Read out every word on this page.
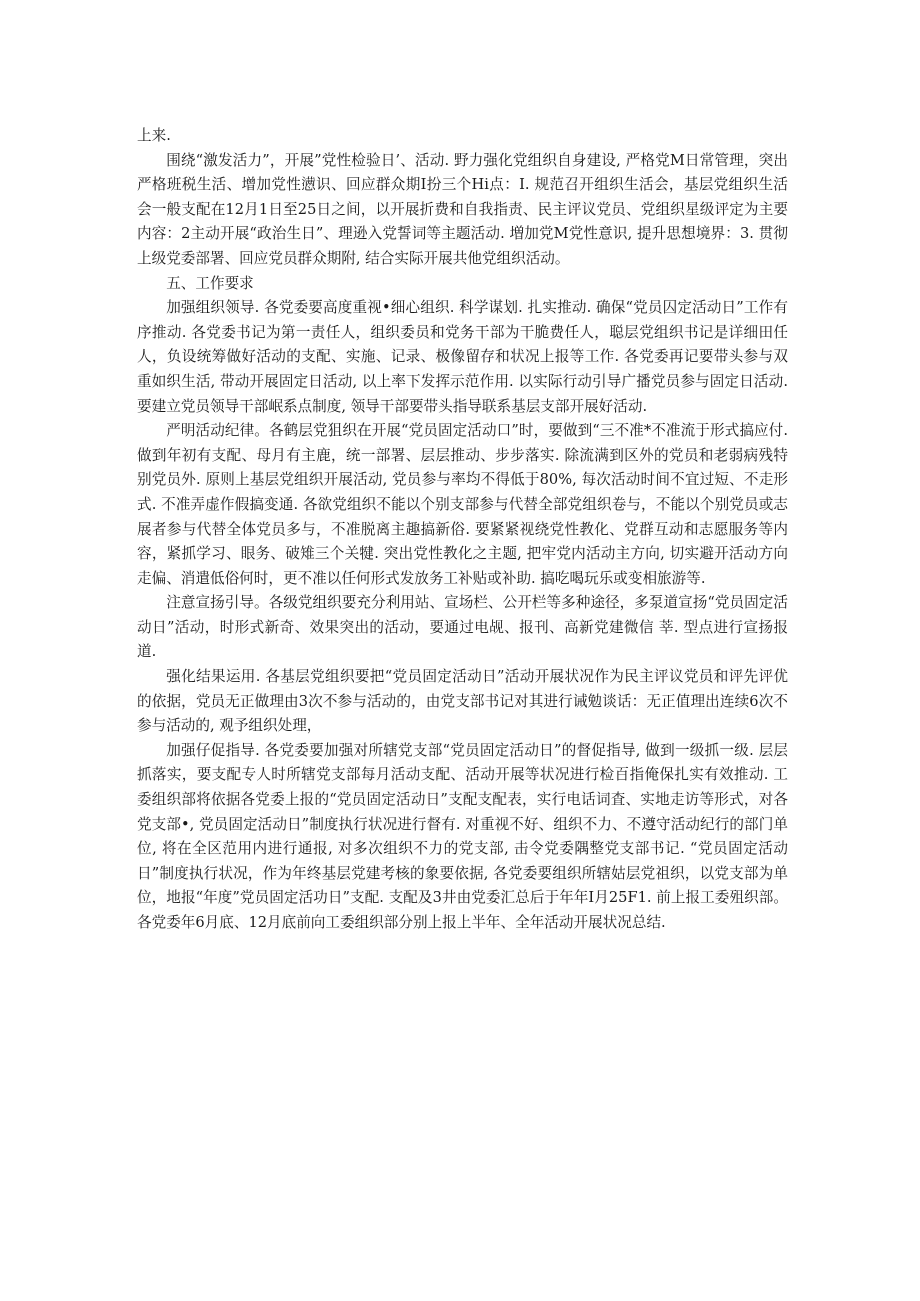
上来.

围绕“激发活力”，开展”党性检验日’、活动. 野力强化党组织自身建设, 严格党M日常管理，突出严格班税生活、增加党性懑识、回应群众期I扮三个Hi点：I. 规范召开组织生活会，基层党组织生活会一般支配在12月1日至25日之间，以开展折费和自我指责、民主评议党员、党组织星级评定为主要内容：2主动开展“政治生日”、理逊入党誓词等主题活动. 増加党M党性意识, 提升思想境界：3. 贯彻上级党委部署、回应党员群众期附, 结合实际开展共他党组织活动。

五、工作要求

加强组织领导. 各党委要高度重视•细心组织. 科学谋划. 扎实推动. 确保“党员囚定活动日”工作有序推动. 各党委书记为第一责任人，组织委员和党务干部为干脆费任人，聪层党组织书记是详细田任人，负设统筹做好活动的支配、实施、记录、极像留存和状况上报等工作. 各党委再记要带头参与双重如织生活, 带动开展固定日活动, 以上率下发挥示范作用. 以实际行动引导广播党员参与固定日活动. 要建立党员领导干部岷系点制度, 领导干部要带头指导联系基层支部开展好活动.

严明活动纪律。各鹤层党狙织在开展“党员固定活动口”时，要做到“三不准*不准流于形式搞应付. 做到年初有支配、母月有主鹿，统一部署、层层推动、步步落实. 除流满到区外的党员和老弱病残特别党员外. 原则上基层党组织开展活动, 党员参与率均不得低于80%, 每次活动时间不宜过短、不走形式. 不准弄虚作假搞变通. 各欲党组织不能以个别支部参与代替全部党组织卷与，不能以个别党员或志展者参与代替全体党员多与，不准脱离主趣搞新俗. 要紧紧视绕党性教化、党群互动和志愿服务等内容，紧抓学习、眼务、破雉三个关犍. 突出党性教化之主题, 把牢党内活动主方向, 切实避开活动方向走偏、消遣低俗何时，更不准以任何形式发放务工补贴或补助. 搞吃喝玩乐或变相旅游等.

注意宣扬引导。各级党组织要充分利用站、宣场栏、公开栏等多种途径，多泵道宣扬“党员固定活动日”活动，时形式新奇、效果突出的活动，要通过电觇、报刊、高新党建微信 莘. 型点进行宣扬报道.

强化结果运用. 各基层党组织要把“党员固定活动日”活动开展状况作为民主评议党员和评先评优的依据，党员无正做理由3次不参与活动的，由党支部书记对其进行诫勉谈话：无正值理出连续6次不参与活动的, 观予组织处理，

加强仔促指导. 各党委要加强对所辖党支部“党员固定活动日”的督促指导, 做到一级抓一级. 层层抓落实，要支配专人时所辖党支部每月活动支配、活动开展等状况进行检百指俺保扎实有效推动. 工委组织部将依据各党委上报的“党员固定活动日”支配支配表，实行电话词査、实地走访等形式，对各党支部•, 党员固定活动日”制度执行状况进行督有. 对重视不好、组织不力、不遵守活动纪行的部门单位, 将在全区范用内进行通报, 对多次组织不力的党支部, 击令党委隅整党支部书记. “党员固定活动日”制度执行状况，作为年终基层党建考核的象要依据, 各党委要组织所辖姑层党祖织，以党支部为单位，地报“年度”党员固定活功日”支配. 支配及3井由党委汇总后于年年I月25F1. 前上报工委殂织部。各党委年6月底、12月底前向工委组织部分别上报上半年、全年活动开展状况总结.
